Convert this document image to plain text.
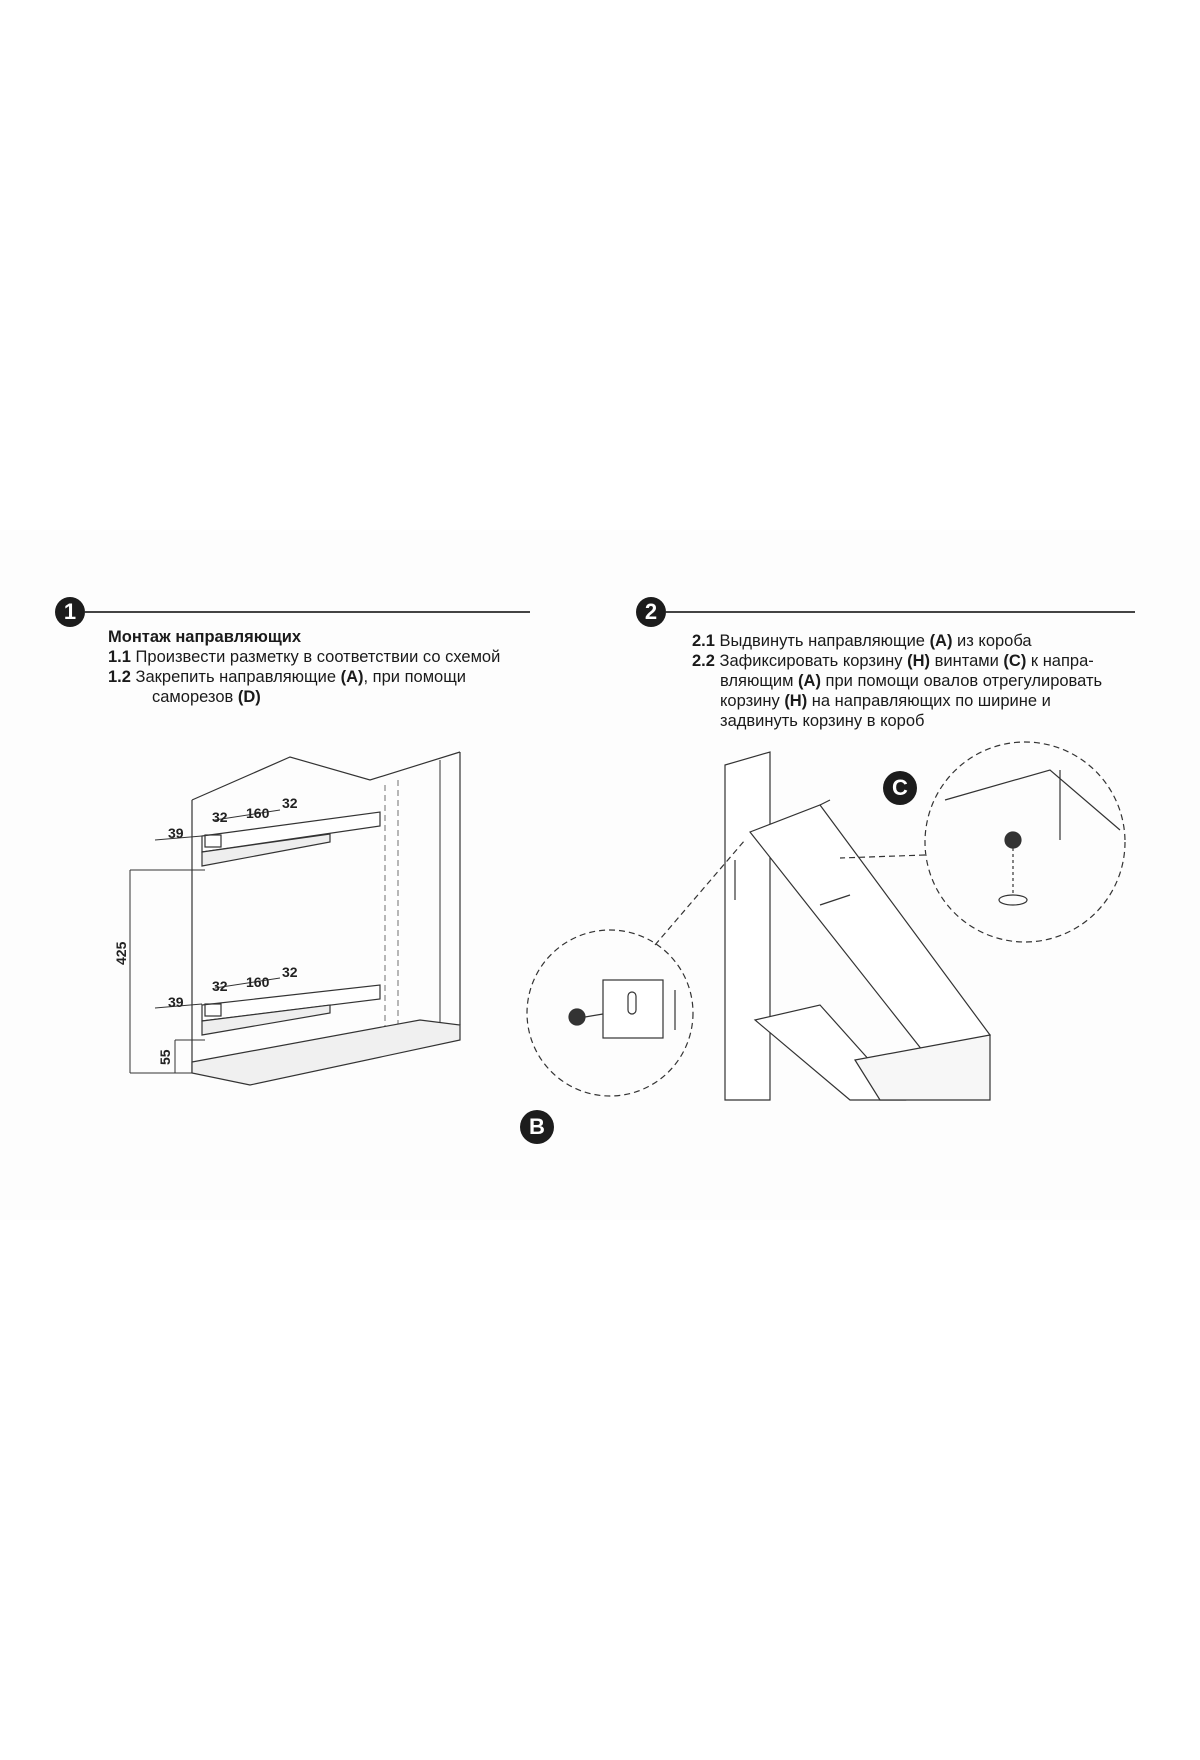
1
Монтаж направляющих
1.1 Произвести разметку в соответствии со схемой
1.2 Закрепить направляющие (A), при помощи
саморезов (D)
2
2.1 Выдвинуть направляющие (A) из короба
2.2 Зафиксировать корзину (H) винтами (C) к напра-
вляющим (A) при помощи овалов отрегулировать
корзину (H) на направляющих по ширине и
задвинуть корзину в короб
39
32 160
32
39
32 160
32
425
55
B
C
